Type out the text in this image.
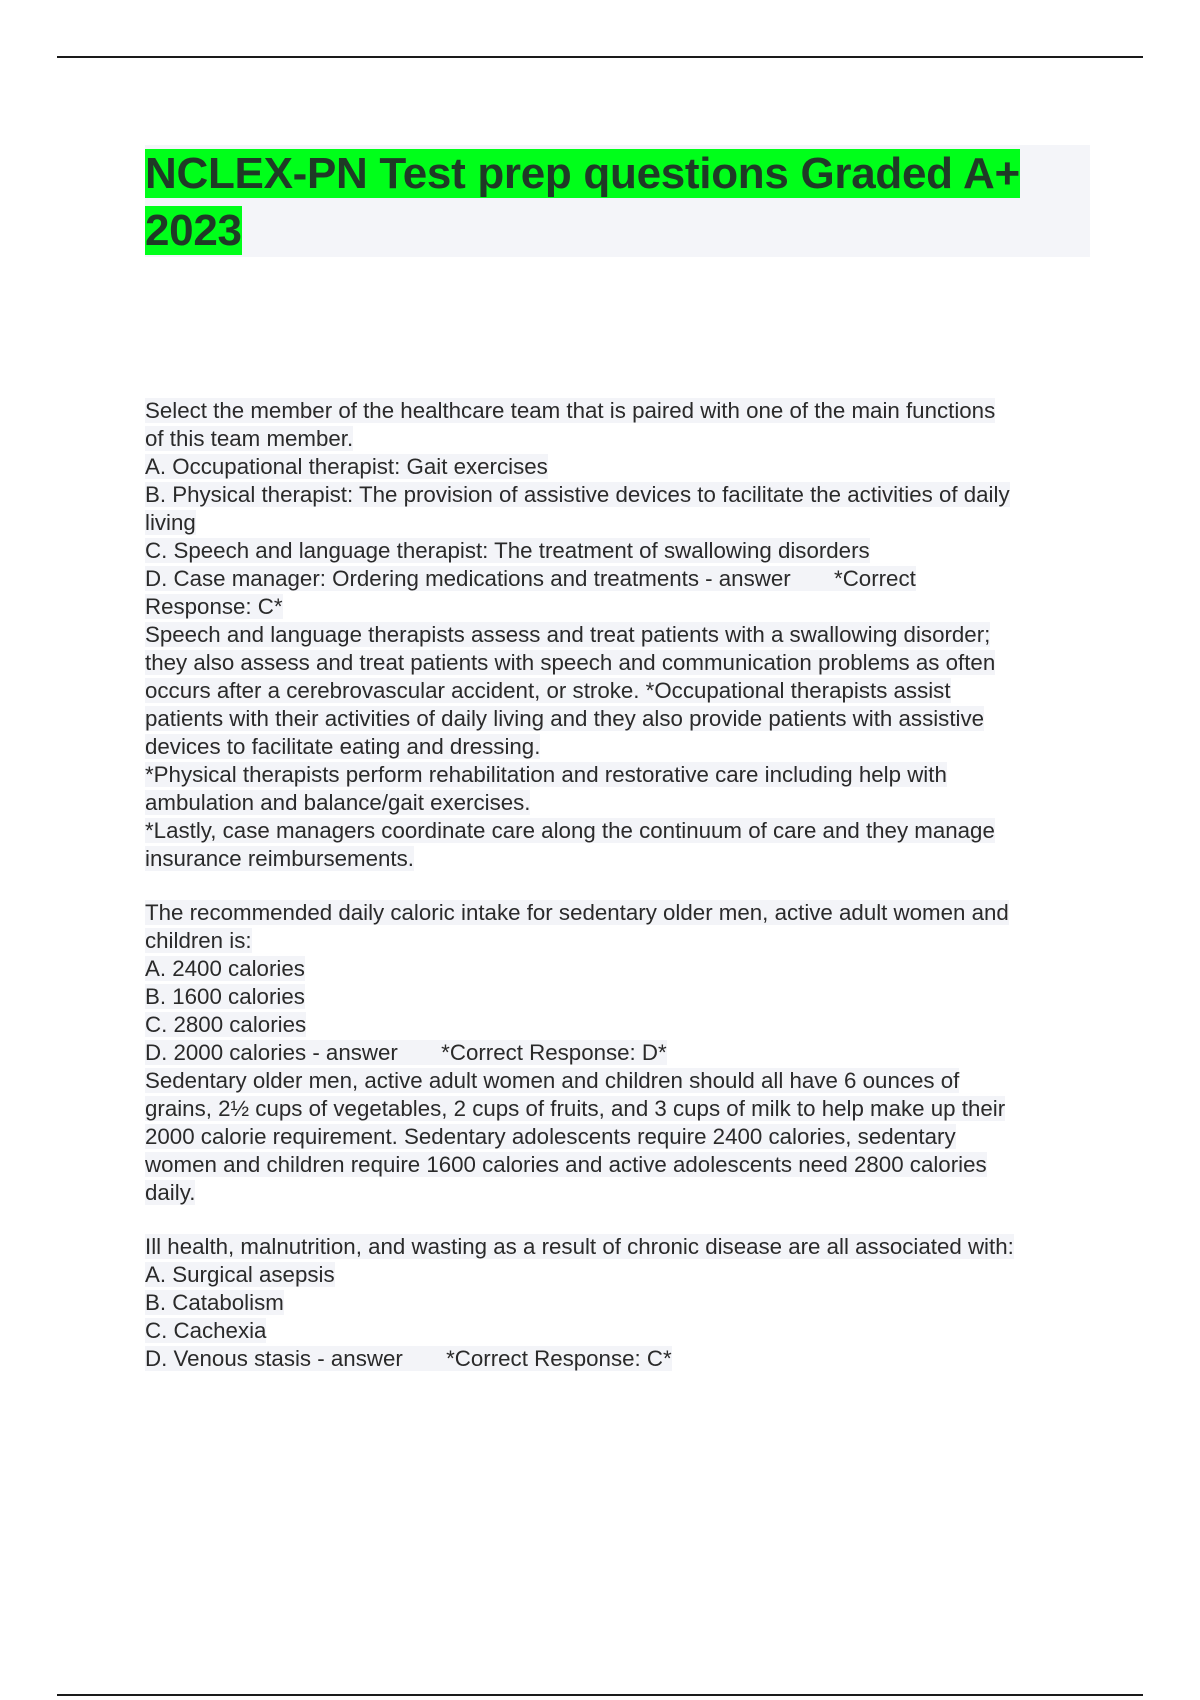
NCLEX-PN Test prep questions Graded A+ 2023

Select the member of the healthcare team that is paired with one of the main functions

of this team member.

A. Occupational therapist: Gait exercises

B. Physical therapist: The provision of assistive devices to facilitate the activities of daily

living

C. Speech and language therapist: The treatment of swallowing disorders

D. Case manager: Ordering medications and treatments - answer       *Correct

Response: C*

Speech and language therapists assess and treat patients with a swallowing disorder;

they also assess and treat patients with speech and communication problems as often

occurs after a cerebrovascular accident, or stroke. *Occupational therapists assist

patients with their activities of daily living and they also provide patients with assistive

devices to facilitate eating and dressing.

*Physical therapists perform rehabilitation and restorative care including help with

ambulation and balance/gait exercises.

*Lastly, case managers coordinate care along the continuum of care and they manage

insurance reimbursements.

The recommended daily caloric intake for sedentary older men, active adult women and

children is:

A. 2400 calories

B. 1600 calories

C. 2800 calories

D. 2000 calories - answer       *Correct Response: D*

Sedentary older men, active adult women and children should all have 6 ounces of

grains, 2½ cups of vegetables, 2 cups of fruits, and 3 cups of milk to help make up their

2000 calorie requirement. Sedentary adolescents require 2400 calories, sedentary

women and children require 1600 calories and active adolescents need 2800 calories

daily.

Ill health, malnutrition, and wasting as a result of chronic disease are all associated with:

A. Surgical asepsis

B. Catabolism

C. Cachexia

D. Venous stasis - answer       *Correct Response: C*
